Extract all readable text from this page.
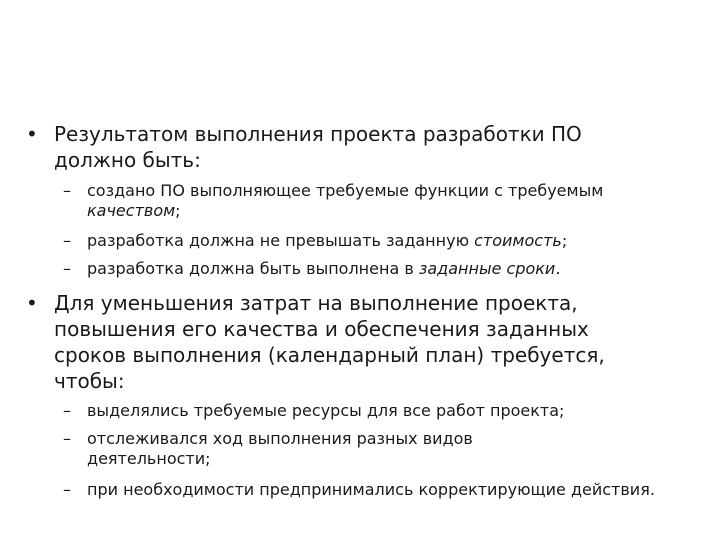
• Результатом выполнения проекта разработки ПО должно быть:
– создано ПО выполняющее требуемые функции с требуемым качеством;
– разработка должна не превышать заданную стоимость;
– разработка должна быть выполнена в заданные сроки.
• Для уменьшения затрат на выполнение проекта, повышения его качества и обеспечения заданных сроков выполнения (календарный план) требуется, чтобы:
– выделялись требуемые ресурсы для все работ проекта;
– отслеживался ход выполнения разных видов деятельности;
– при необходимости предпринимались корректирующие действия.
